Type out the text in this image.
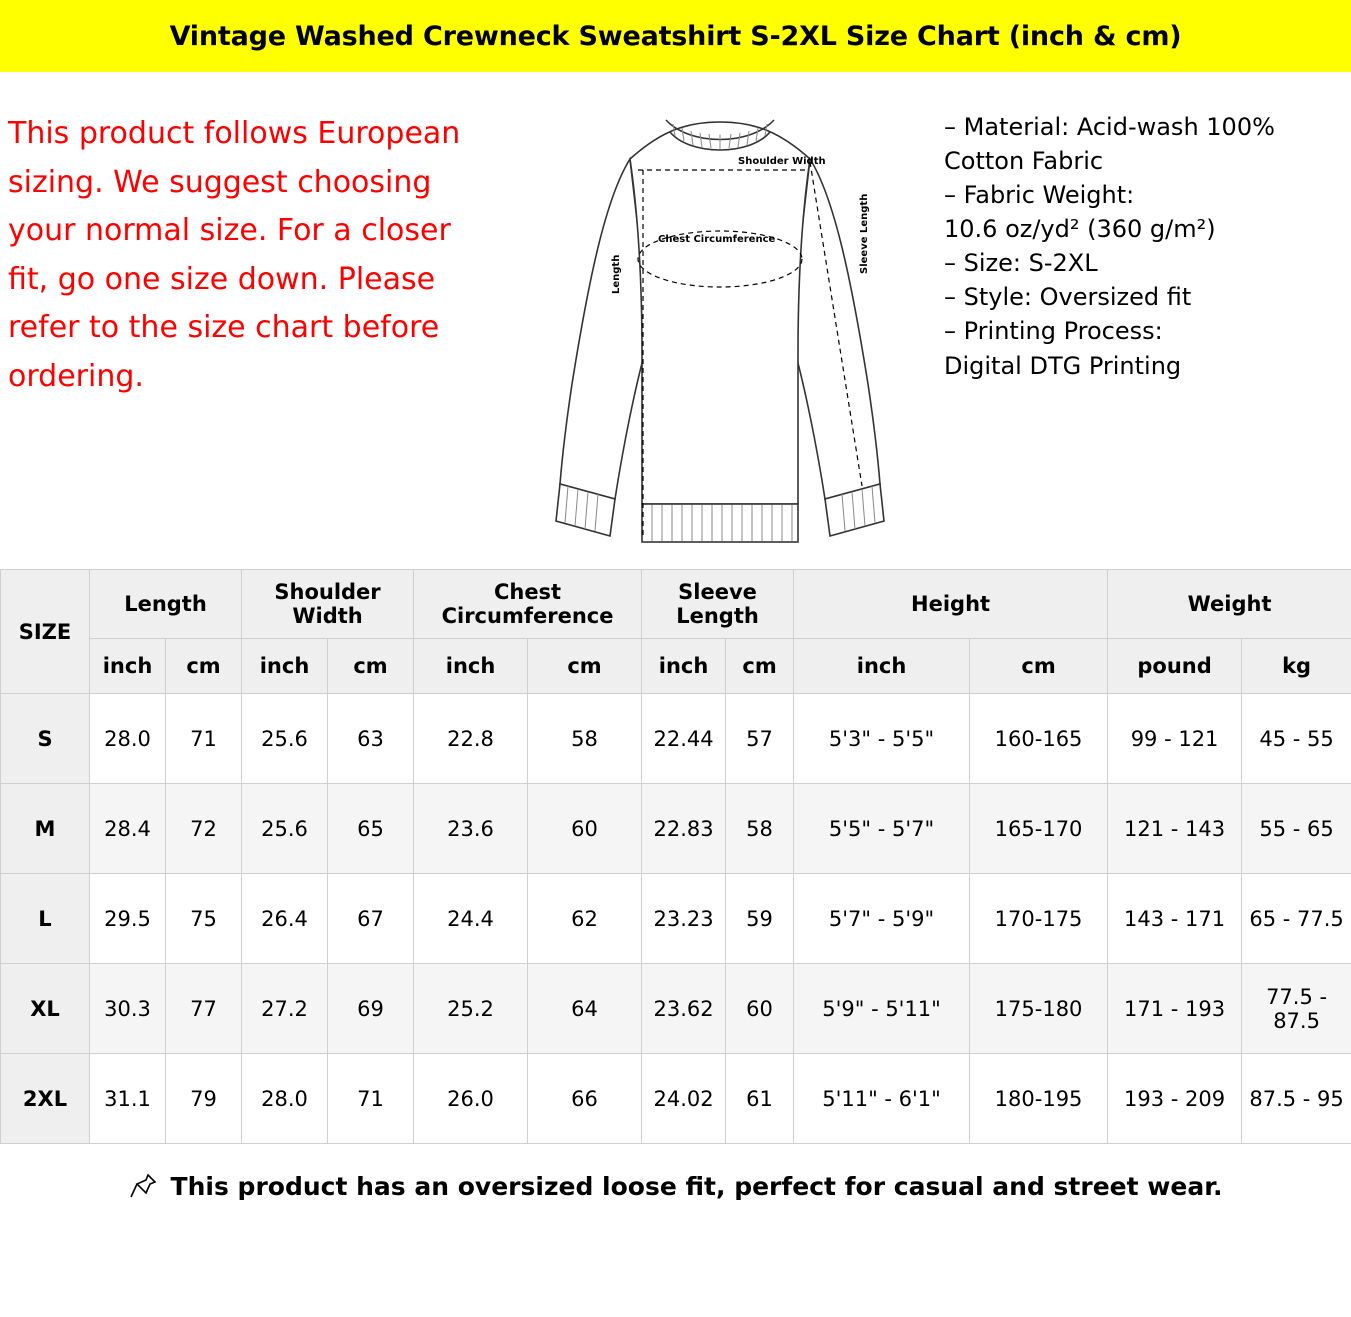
Vintage Washed Crewneck Sweatshirt S-2XL Size Chart (inch & cm)
This product follows European sizing. We suggest choosing your normal size. For a closer fit, go one size down. Please refer to the size chart before ordering.
Shoulder Width
Chest Circumference
Length
Sleeve Length
– Material: Acid-wash 100%
Cotton Fabric
– Fabric Weight:
10.6 oz/yd² (360 g/m²)
– Size: S-2XL
– Style: Oversized fit
– Printing Process:
Digital DTG Printing
SIZE	Length		Shoulder Width		Chest Circumference		Sleeve Length		Height		Weight	
	inch	cm	inch	cm	inch	cm	inch	cm	inch	cm	pound	kg
S	28.0	71	25.6	63	22.8	58	22.44	57	5'3" - 5'5"	160-165	99 - 121	45 - 55
M	28.4	72	25.6	65	23.6	60	22.83	58	5'5" - 5'7"	165-170	121 - 143	55 - 65
L	29.5	75	26.4	67	24.4	62	23.23	59	5'7" - 5'9"	170-175	143 - 171	65 - 77.5
XL	30.3	77	27.2	69	25.2	64	23.62	60	5'9" - 5'11"	175-180	171 - 193	77.5 - 87.5
2XL	31.1	79	28.0	71	26.0	66	24.02	61	5'11" - 6'1"	180-195	193 - 209	87.5 - 95
This product has an oversized loose fit, perfect for casual and street wear.
